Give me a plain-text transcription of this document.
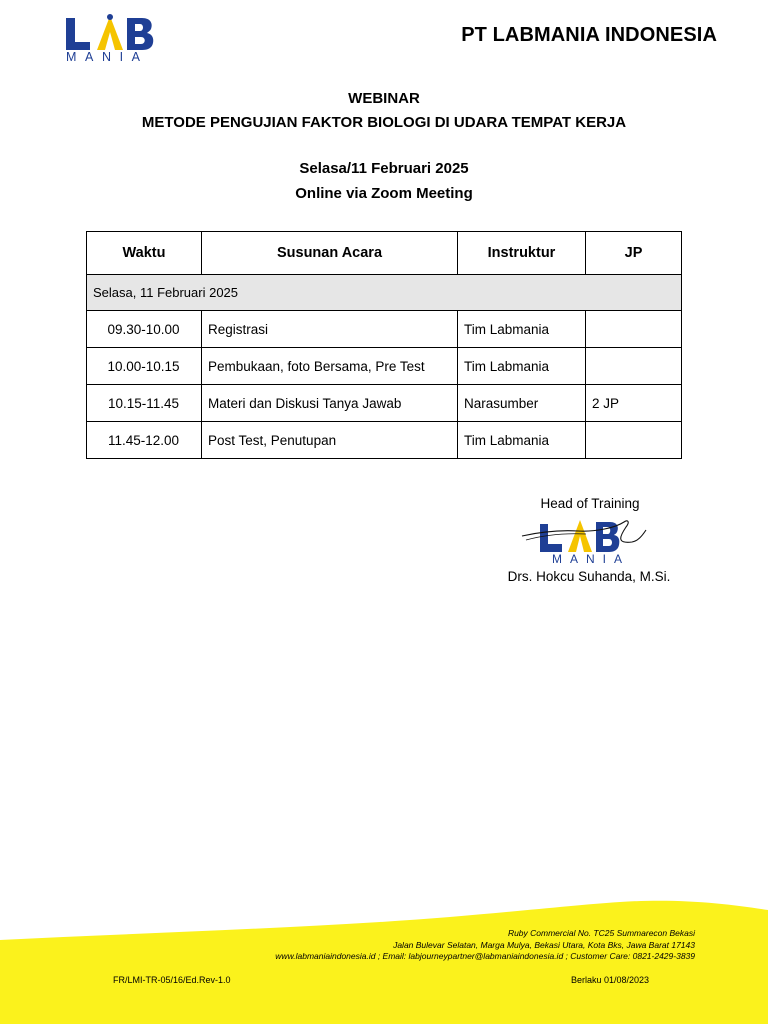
MANIA
PT LABMANIA INDONESIA
WEBINAR
METODE PENGUJIAN FAKTOR BIOLOGI DI UDARA TEMPAT KERJA
Selasa/11 Februari 2025
Online via Zoom Meeting
Waktu	Susunan Acara	Instruktur	JP
Selasa, 11 Februari 2025			
09.30-10.00	Registrasi	Tim Labmania	
10.00-10.15	Pembukaan, foto Bersama, Pre Test	Tim Labmania	
10.15-11.45	Materi dan Diskusi Tanya Jawab	Narasumber	2 JP
11.45-12.00	Post Test, Penutupan	Tim Labmania	
Head of Training
MANIA
Drs. Hokcu Suhanda, M.Si.
Ruby Commercial No. TC25 Summarecon Bekasi
Jalan Bulevar Selatan, Marga Mulya, Bekasi Utara, Kota Bks, Jawa Barat 17143
www.labmaniaindonesia.id ; Email: labjourneypartner@labmaniaindonesia.id ; Customer Care: 0821-2429-3839
FR/LMI-TR-05/16/Ed.Rev-1.0	Berlaku 01/08/2023
